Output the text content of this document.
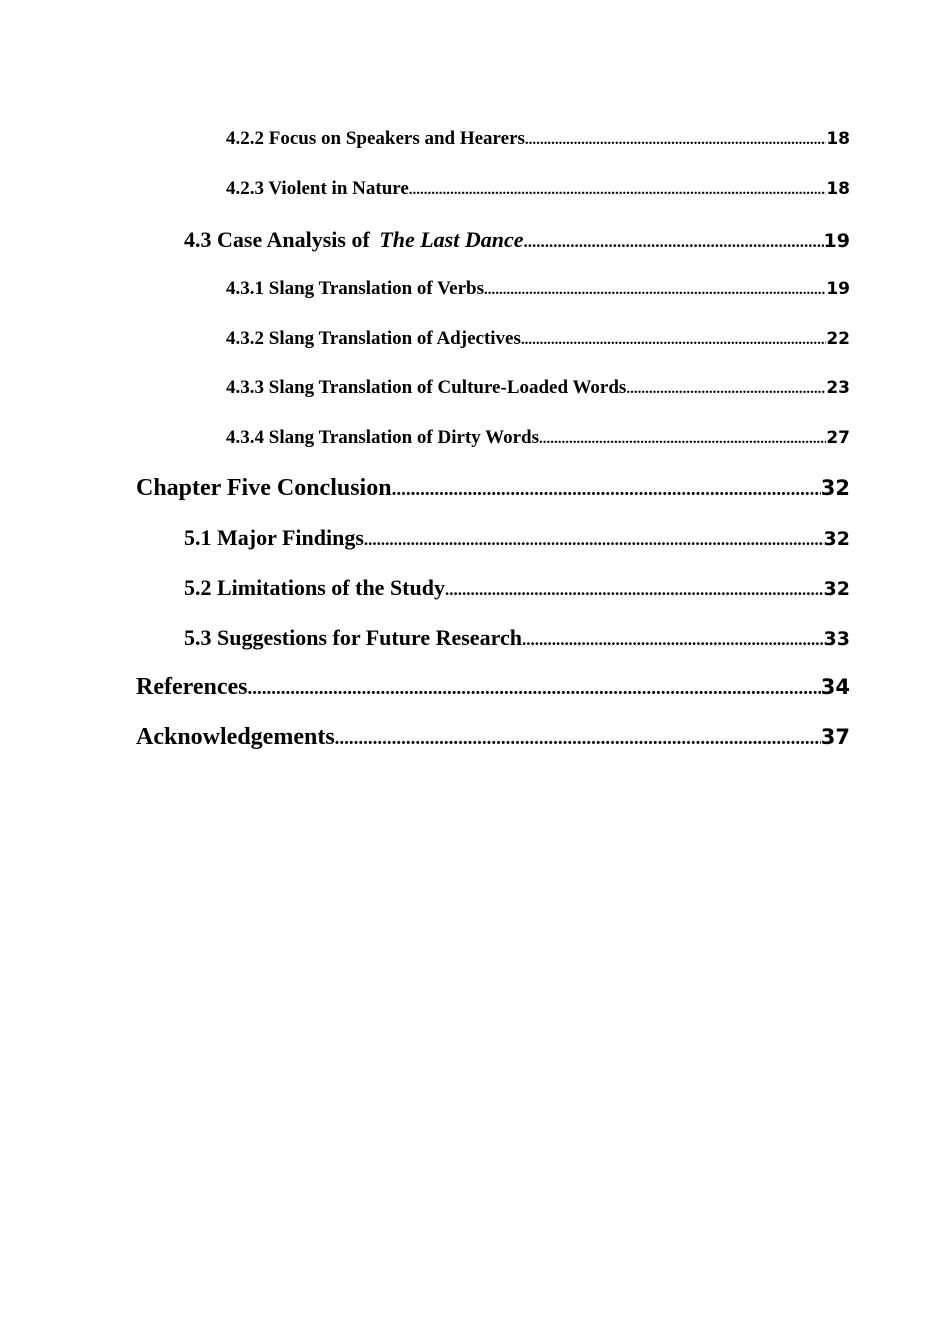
4.2.2 Focus on Speakers and Hearers .....	18
4.2.3 Violent in Nature .....	18
4.3 Case Analysis of The Last Dance .....	19
4.3.1 Slang Translation of Verbs .....	19
4.3.2 Slang Translation of Adjectives .....	22
4.3.3 Slang Translation of Culture-Loaded Words .....	23
4.3.4 Slang Translation of Dirty Words .....	27
Chapter Five Conclusion .....	32
5.1 Major Findings .....	32
5.2 Limitations of the Study .....	32
5.3 Suggestions for Future Research .....	33
References .....	34
Acknowledgements .....	37
